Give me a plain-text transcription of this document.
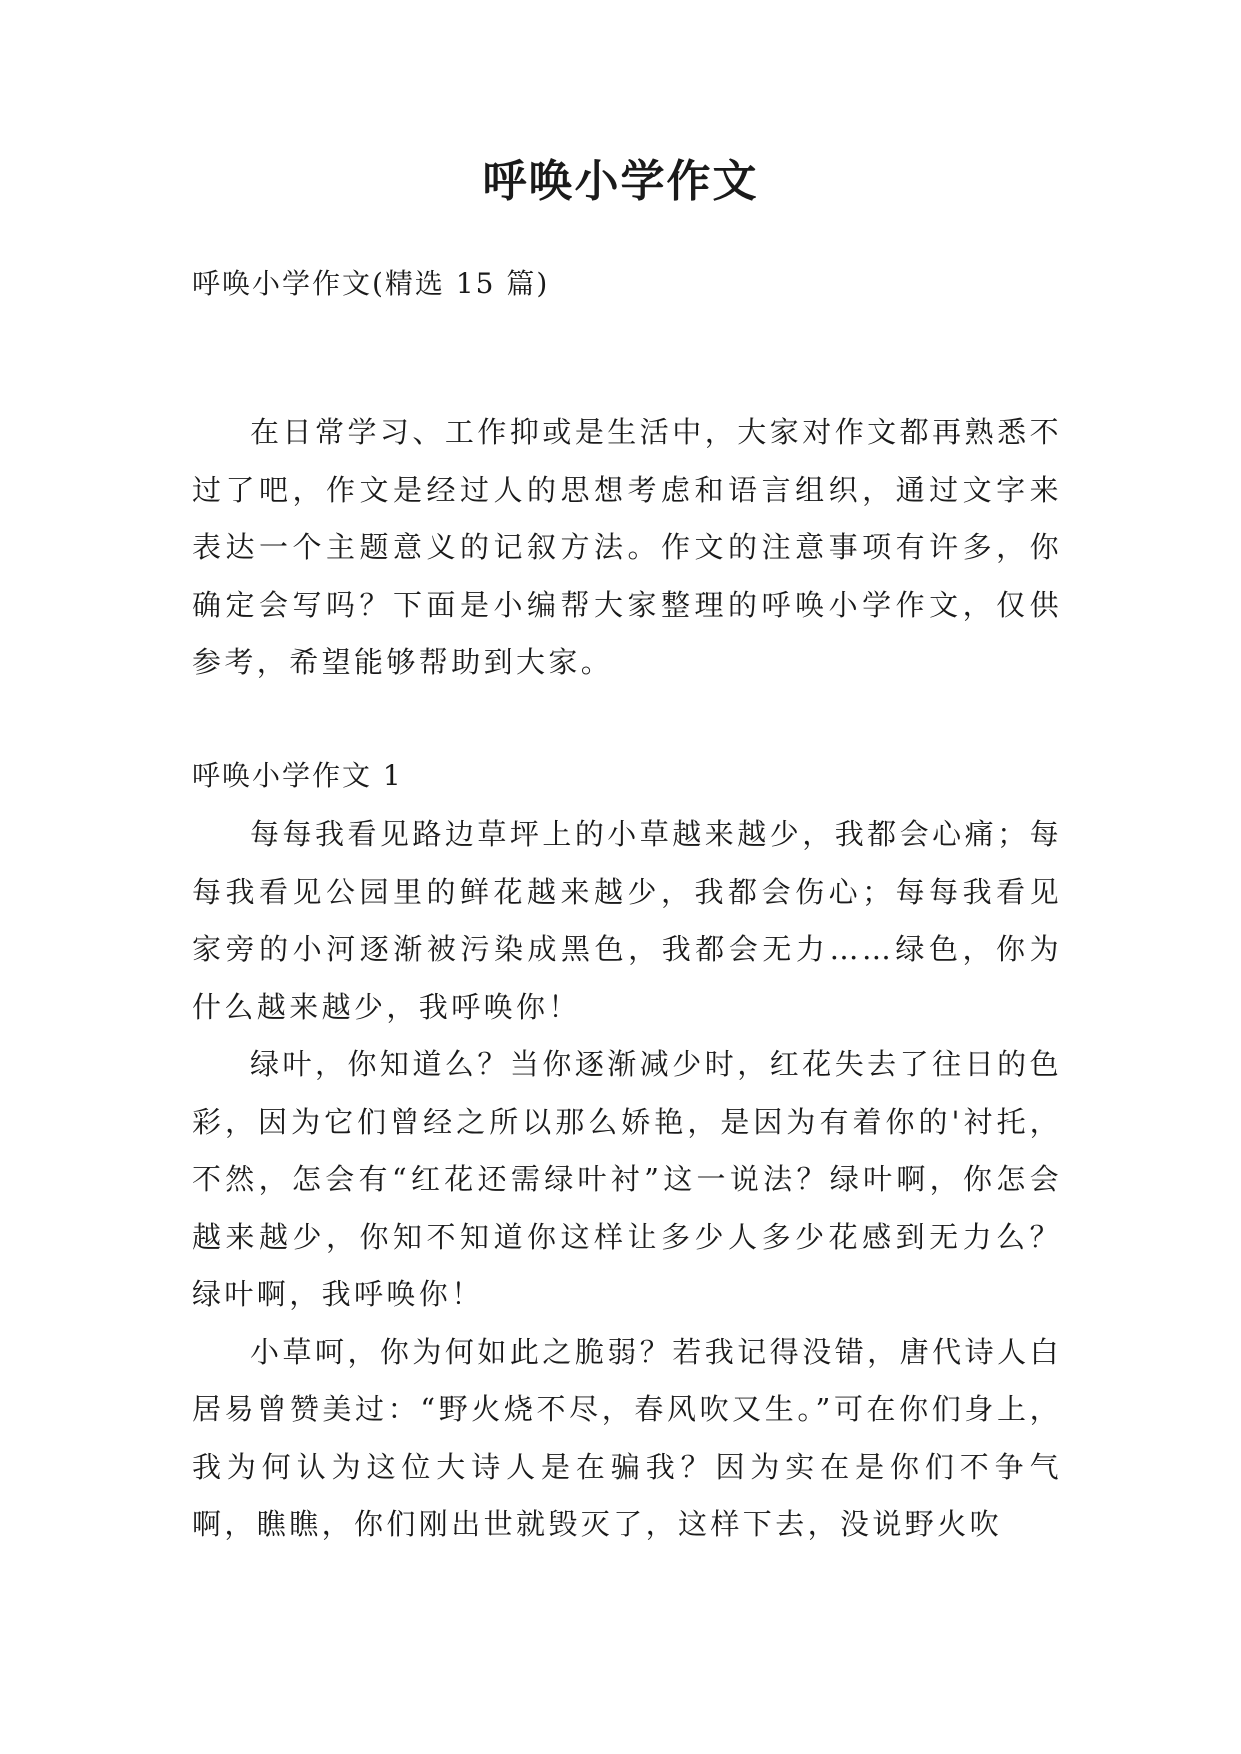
呼唤小学作文
呼唤小学作文(精选 15 篇)

在日常学习、工作抑或是生活中，大家对作文都再熟悉不过了吧，作文是经过人的思想考虑和语言组织，通过文字来表达一个主题意义的记叙方法。作文的注意事项有许多，你确定会写吗？下面是小编帮大家整理的呼唤小学作文，仅供参考，希望能够帮助到大家。

呼唤小学作文 1

每每我看见路边草坪上的小草越来越少，我都会心痛；每每我看见公园里的鲜花越来越少，我都会伤心；每每我看见家旁的小河逐渐被污染成黑色，我都会无力……绿色，你为什么越来越少，我呼唤你！

绿叶，你知道么？当你逐渐减少时，红花失去了往日的色彩，因为它们曾经之所以那么娇艳，是因为有着你的'衬托，不然，怎会有“红花还需绿叶衬”这一说法？绿叶啊，你怎会越来越少，你知不知道你这样让多少人多少花感到无力么？绿叶啊，我呼唤你！

小草呵，你为何如此之脆弱？若我记得没错，唐代诗人白居易曾赞美过：“野火烧不尽，春风吹又生。”可在你们身上，我为何认为这位大诗人是在骗我？因为实在是你们不争气啊，瞧瞧，你们刚出世就毁灭了，这样下去，没说野火吹
